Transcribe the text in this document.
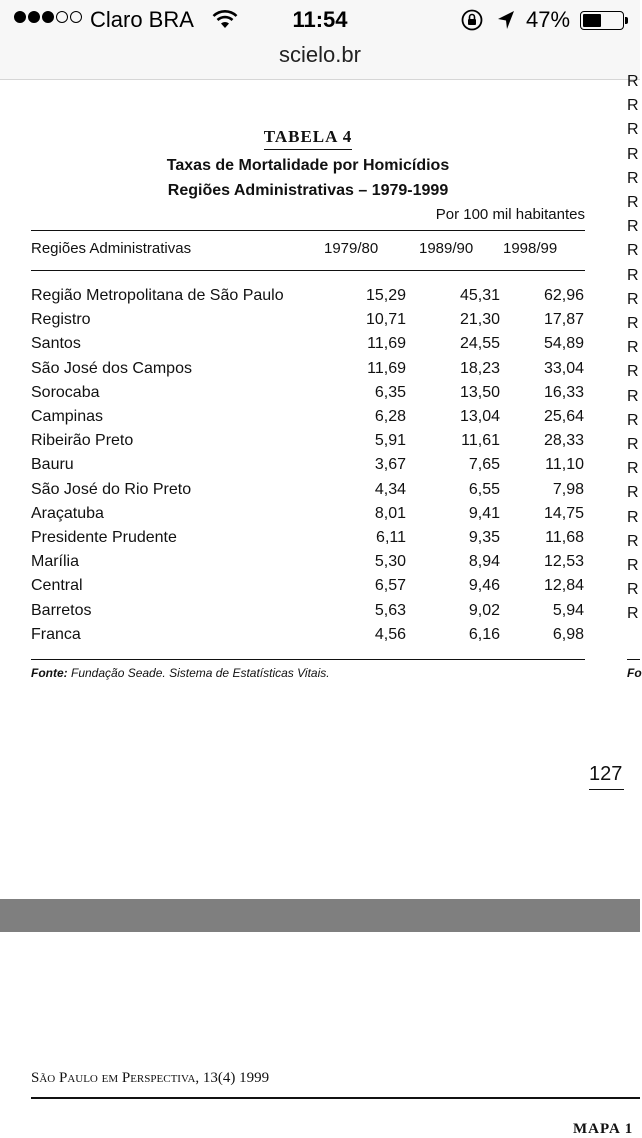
Claro BRA	11:54	47%
scielo.br
TABELA 4
Taxas de Mortalidade por Homicídios
Regiões Administrativas – 1979-1999
Por 100 mil habitantes
Regiões Administrativas	1979/80	1989/90 1998/99
Região Metropolitana de São Paulo	15,29	45,31	62,96
Registro	10,71	21,30	17,87
Santos	11,69	24,55	54,89
São José dos Campos	11,69	18,23	33,04
Sorocaba	6,35	13,50	16,33
Campinas	6,28	13,04	25,64
Ribeirão Preto	5,91	11,61	28,33
Bauru	3,67	7,65	11,10
São José do Rio Preto	4,34	6,55	7,98
Araçatuba	8,01	9,41	14,75
Presidente Prudente	6,11	9,35	11,68
Marília	5,30	8,94	12,53
Central	6,57	9,46	12,84
Barretos	5,63	9,02	5,94
Franca	4,56	6,16	6,98
Fonte: Fundação Seade. Sistema de Estatísticas Vitais.
R
R
R
R
R
R
R
R
R
R
R
R
R
R
R
R
R
R
R
R
R
R
R
Fo
127
São Paulo em Perspectiva, 13(4) 1999
MAPA 1
